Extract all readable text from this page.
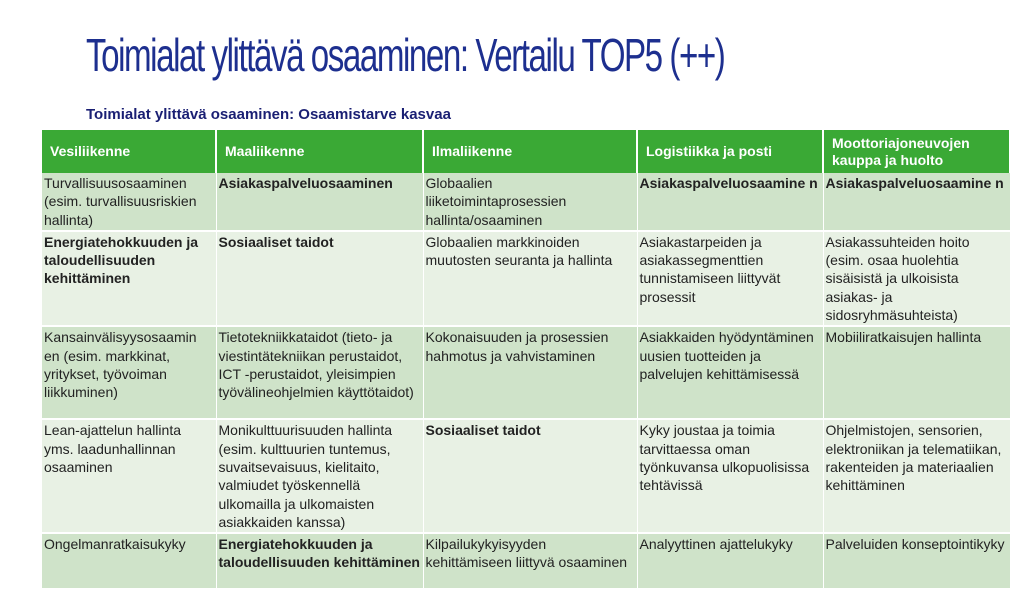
Toimialat ylittävä osaaminen: Vertailu TOP5 (++)
Toimialat ylittävä osaaminen: Osaamistarve kasvaa
Vesiliikenne	Maaliikenne	Ilmaliikenne	Logistiikka ja posti	Moottoriajoneuvojen kauppa ja huolto
Turvallisuusosaaminen (esim. turvallisuusriskien hallinta)	Asiakaspalveluosaaminen	Globaalien liiketoimintaprosessien hallinta/osaaminen	Asiakaspalveluosaamine n	Asiakaspalveluosaamine n
Energiatehokkuuden ja taloudellisuuden kehittäminen	Sosiaaliset taidot	Globaalien markkinoiden muutosten seuranta ja hallinta	Asiakastarpeiden ja asiakassegmenttien tunnistamiseen liittyvät prosessit	Asiakassuhteiden hoito (esim. osaa huolehtia sisäisistä ja ulkoisista asiakas- ja sidosryhmäsuhteista)
Kansainvälisyysosaamin en (esim. markkinat, yritykset, työvoiman liikkuminen)	Tietotekniikkataidot (tieto- ja viestintätekniikan perustaidot, ICT -perustaidot, yleisimpien työvälineohjelmien käyttötaidot)	Kokonaisuuden ja prosessien hahmotus ja vahvistaminen	Asiakkaiden hyödyntäminen uusien tuotteiden ja palvelujen kehittämisessä	Mobiiliratkaisujen hallinta
Lean-ajattelun hallinta yms. laadunhallinnan osaaminen	Monikulttuurisuuden hallinta (esim. kulttuurien tuntemus, suvaitsevaisuus, kielitaito, valmiudet työskennellä ulkomailla ja ulkomaisten asiakkaiden kanssa)	Sosiaaliset taidot	Kyky joustaa ja toimia tarvittaessa oman työnkuvansa ulkopuolisissa tehtävissä	Ohjelmistojen, sensorien, elektroniikan ja telematiikan, rakenteiden ja materiaalien kehittäminen
Ongelmanratkaisukyky	Energiatehokkuuden ja taloudellisuuden kehittäminen	Kilpailukykyisyyden kehittämiseen liittyvä osaaminen	Analyyttinen ajattelukyky	Palveluiden konseptointikyky
